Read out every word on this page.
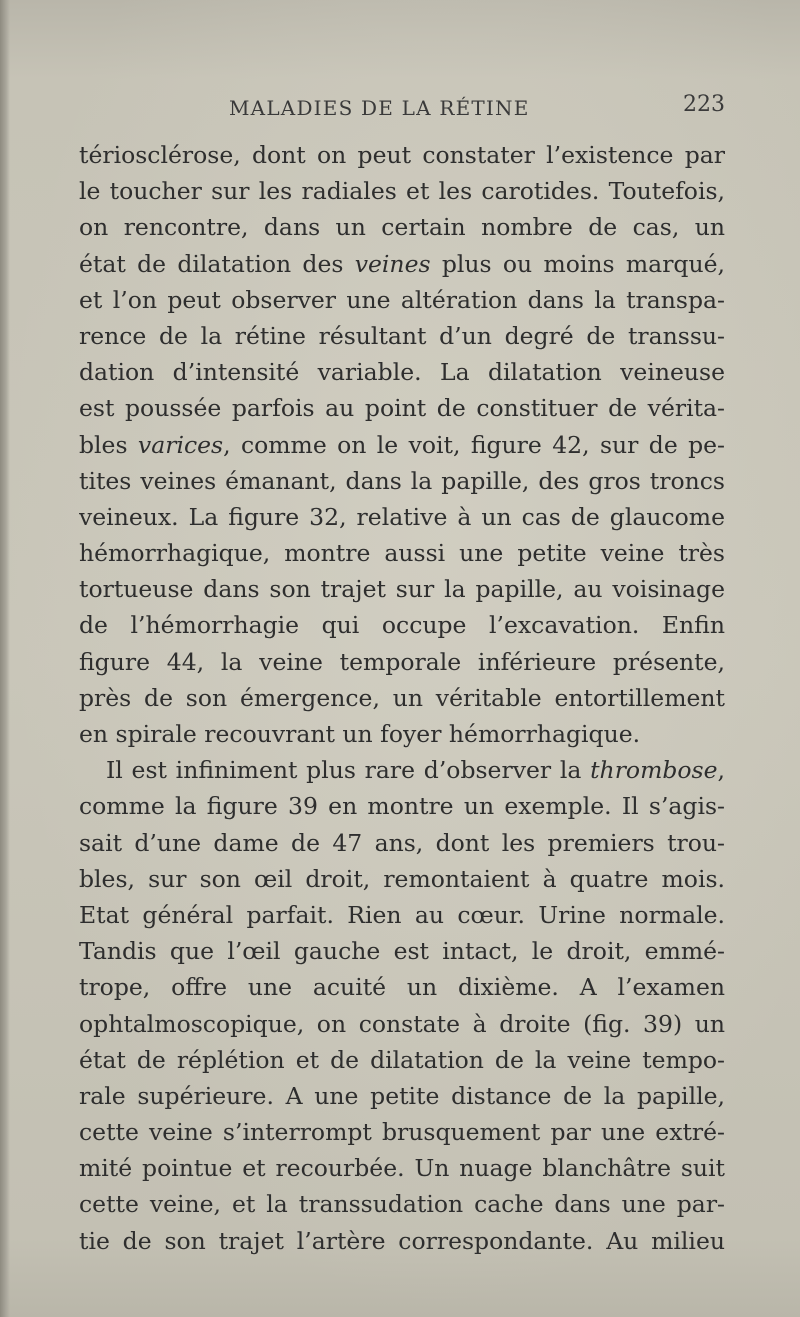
MALADIES DE LA RÉTINE	223
tériosclérose, dont on peut constater l’existence par
le toucher sur les radiales et les carotides. Toutefois,
on rencontre, dans un certain nombre de cas, un
état de dilatation des veines plus ou moins marqué,
et l’on peut observer une altération dans la transpa-
rence de la rétine résultant d’un degré de transsu-
dation d’intensité variable. La dilatation veineuse
est poussée parfois au point de constituer de vérita-
bles varices, comme on le voit, figure 42, sur de pe-
tites veines émanant, dans la papille, des gros troncs
veineux. La figure 32, relative à un cas de glaucome
hémorrhagique, montre aussi une petite veine très
tortueuse dans son trajet sur la papille, au voisinage
de l’hémorrhagie qui occupe l’excavation. Enfin
figure 44, la veine temporale inférieure présente,
près de son émergence, un véritable entortillement
en spirale recouvrant un foyer hémorrhagique.
Il est infiniment plus rare d’observer la thrombose,
comme la figure 39 en montre un exemple. Il s’agis-
sait d’une dame de 47 ans, dont les premiers trou-
bles, sur son œil droit, remontaient à quatre mois.
Etat général parfait. Rien au cœur. Urine normale.
Tandis que l’œil gauche est intact, le droit, emmé-
trope, offre une acuité un dixième. A l’examen
ophtalmoscopique, on constate à droite (fig. 39) un
état de réplétion et de dilatation de la veine tempo-
rale supérieure. A une petite distance de la papille,
cette veine s’interrompt brusquement par une extré-
mité pointue et recourbée. Un nuage blanchâtre suit
cette veine, et la transsudation cache dans une par-
tie de son trajet l’artère correspondante. Au milieu
